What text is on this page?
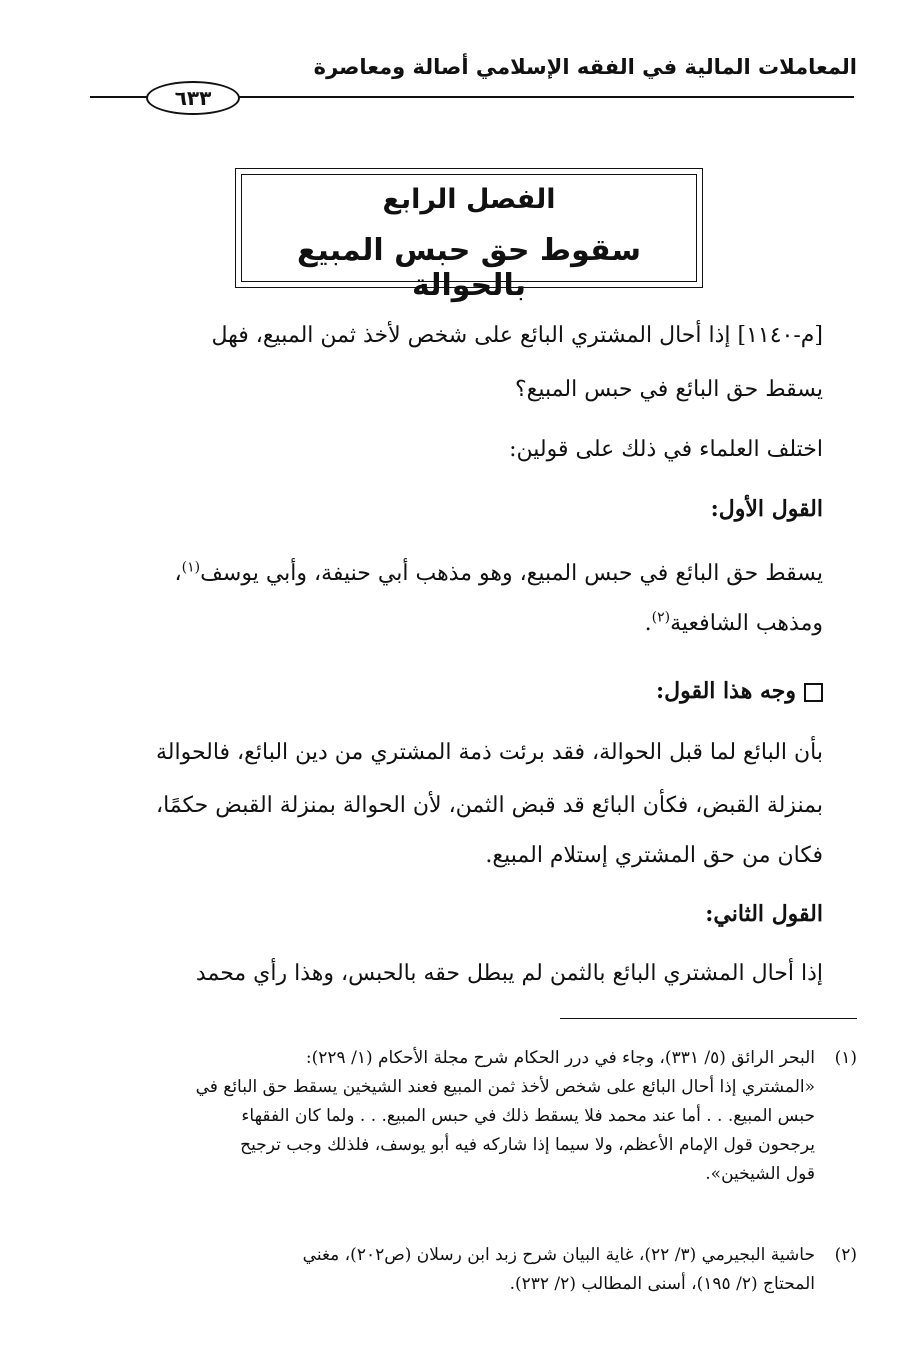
المعاملات المالية في الفقه الإسلامي أصالة ومعاصرة
٦٣٣
الفصل الرابع
سقوط حق حبس المبيع بالحوالة
[م-١١٤٠] إذا أحال المشتري البائع على شخص لأخذ ثمن المبيع، فهل
يسقط حق البائع في حبس المبيع؟
اختلف العلماء في ذلك على قولين:
القول الأول:
يسقط حق البائع في حبس المبيع، وهو مذهب أبي حنيفة، وأبي يوسف$^{(١)}$،
ومذهب الشافعية$^{(٢)}$.
وجه هذا القول:
بأن البائع لما قبل الحوالة، فقد برئت ذمة المشتري من دين البائع، فالحوالة
بمنزلة القبض، فكأن البائع قد قبض الثمن، لأن الحوالة بمنزلة القبض حكمًا،
فكان من حق المشتري إستلام المبيع.
القول الثاني:
إذا أحال المشتري البائع بالثمن لم يبطل حقه بالحبس، وهذا رأي محمد
(١)
البحر الرائق (٥/ ٣٣١)، وجاء في درر الحكام شرح مجلة الأحكام (١/ ٢٢٩):
«المشتري إذا أحال البائع على شخص لأخذ ثمن المبيع فعند الشيخين يسقط حق البائع في
حبس المبيع. . . أما عند محمد فلا يسقط ذلك في حبس المبيع. . . ولما كان الفقهاء
يرجحون قول الإمام الأعظم، ولا سيما إذا شاركه فيه أبو يوسف، فلذلك وجب ترجيح
قول الشيخين».
(٢)
حاشية البجيرمي (٣/ ٢٢)، غاية البيان شرح زبد ابن رسلان (ص٢٠٢)، مغني
المحتاج (٢/ ١٩٥)، أسنى المطالب (٢/ ٢٣٢).
